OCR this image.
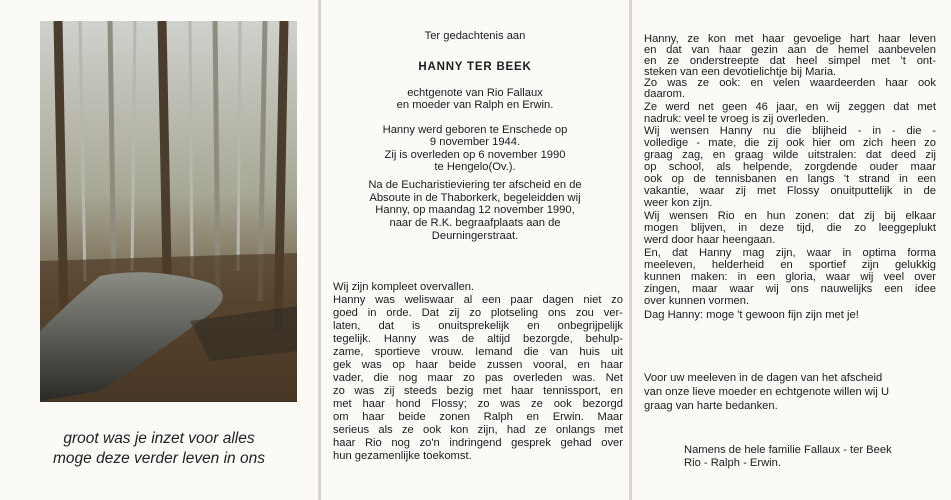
groot was je inzet voor alles
moge deze verder leven in ons
Ter gedachtenis aan
HANNY TER BEEK
echtgenote van Rio Fallaux
en moeder van Ralph en Erwin.
Hanny werd geboren te Enschede op
9 november 1944.
Zij is overleden op 6 november 1990
te Hengelo(Ov.).
Na de Eucharistieviering ter afscheid en de
Absoute in de Thaborkerk, begeleidden wij
Hanny, op maandag 12 november 1990,
naar de R.K. begraafplaats aan de
Deurningerstraat.
Wij zijn kompleet overvallen.
Hanny was weliswaar al een paar dagen niet zo
goed in orde. Dat zij zo plotseling ons zou ver-
laten, dat is onuitsprekelijk en onbegrijpelijk
tegelijk. Hanny was de altijd bezorgde, behulp-
zame, sportieve vrouw. Iemand die van huis uit
gek was op haar beide zussen vooral, en haar
vader, die nog maar zo pas overleden was. Net
zo was zij steeds bezig met haar tennissport, en
met haar hond Flossy; zo was ze ook bezorgd
om haar beide zonen Ralph en Erwin. Maar
serieus als ze ook kon zijn, had ze onlangs met
haar Rio nog zo'n indringend gesprek gehad over
hun gezamenlijke toekomst.
Hanny, ze kon met haar gevoelige hart haar leven
en dat van haar gezin aan de hemel aanbevelen
en ze onderstreepte dat heel simpel met 't ont-
steken van een devotielichtje bij Maria.
Zo was ze ook: en velen waardeerden haar ook
daarom.
Ze werd net geen 46 jaar, en wij zeggen dat met
nadruk: veel te vroeg is zij overleden.
Wij wensen Hanny nu die blijheid - in - die -
volledige - mate, die zij ook hier om zich heen zo
graag zag, en graag wilde uitstralen: dat deed zij
op school, als helpende, zorgdende ouder maar
ook op de tennisbanen en langs 't strand in een
vakantie, waar zij met Flossy onuitputtelijk in de
weer kon zijn.
Wij wensen Rio en hun zonen: dat zij bij elkaar
mogen blijven, in deze tijd, die zo leeggeplukt
werd door haar heengaan.
En, dat Hanny mag zijn, waar in optima forma
meeleven, helderheid en sportief zijn gelukkig
kunnen maken: in een gloria, waar wij veel over
zingen, maar waar wij ons nauwelijks een idee
over kunnen vormen.
Dag Hanny: moge 't gewoon fijn zijn met je!
Voor uw meeleven in de dagen van het afscheid
van onze lieve moeder en echtgenote willen wij U
graag van harte bedanken.
Namens de hele familie Fallaux - ter Beek
Rio - Ralph - Erwin.
